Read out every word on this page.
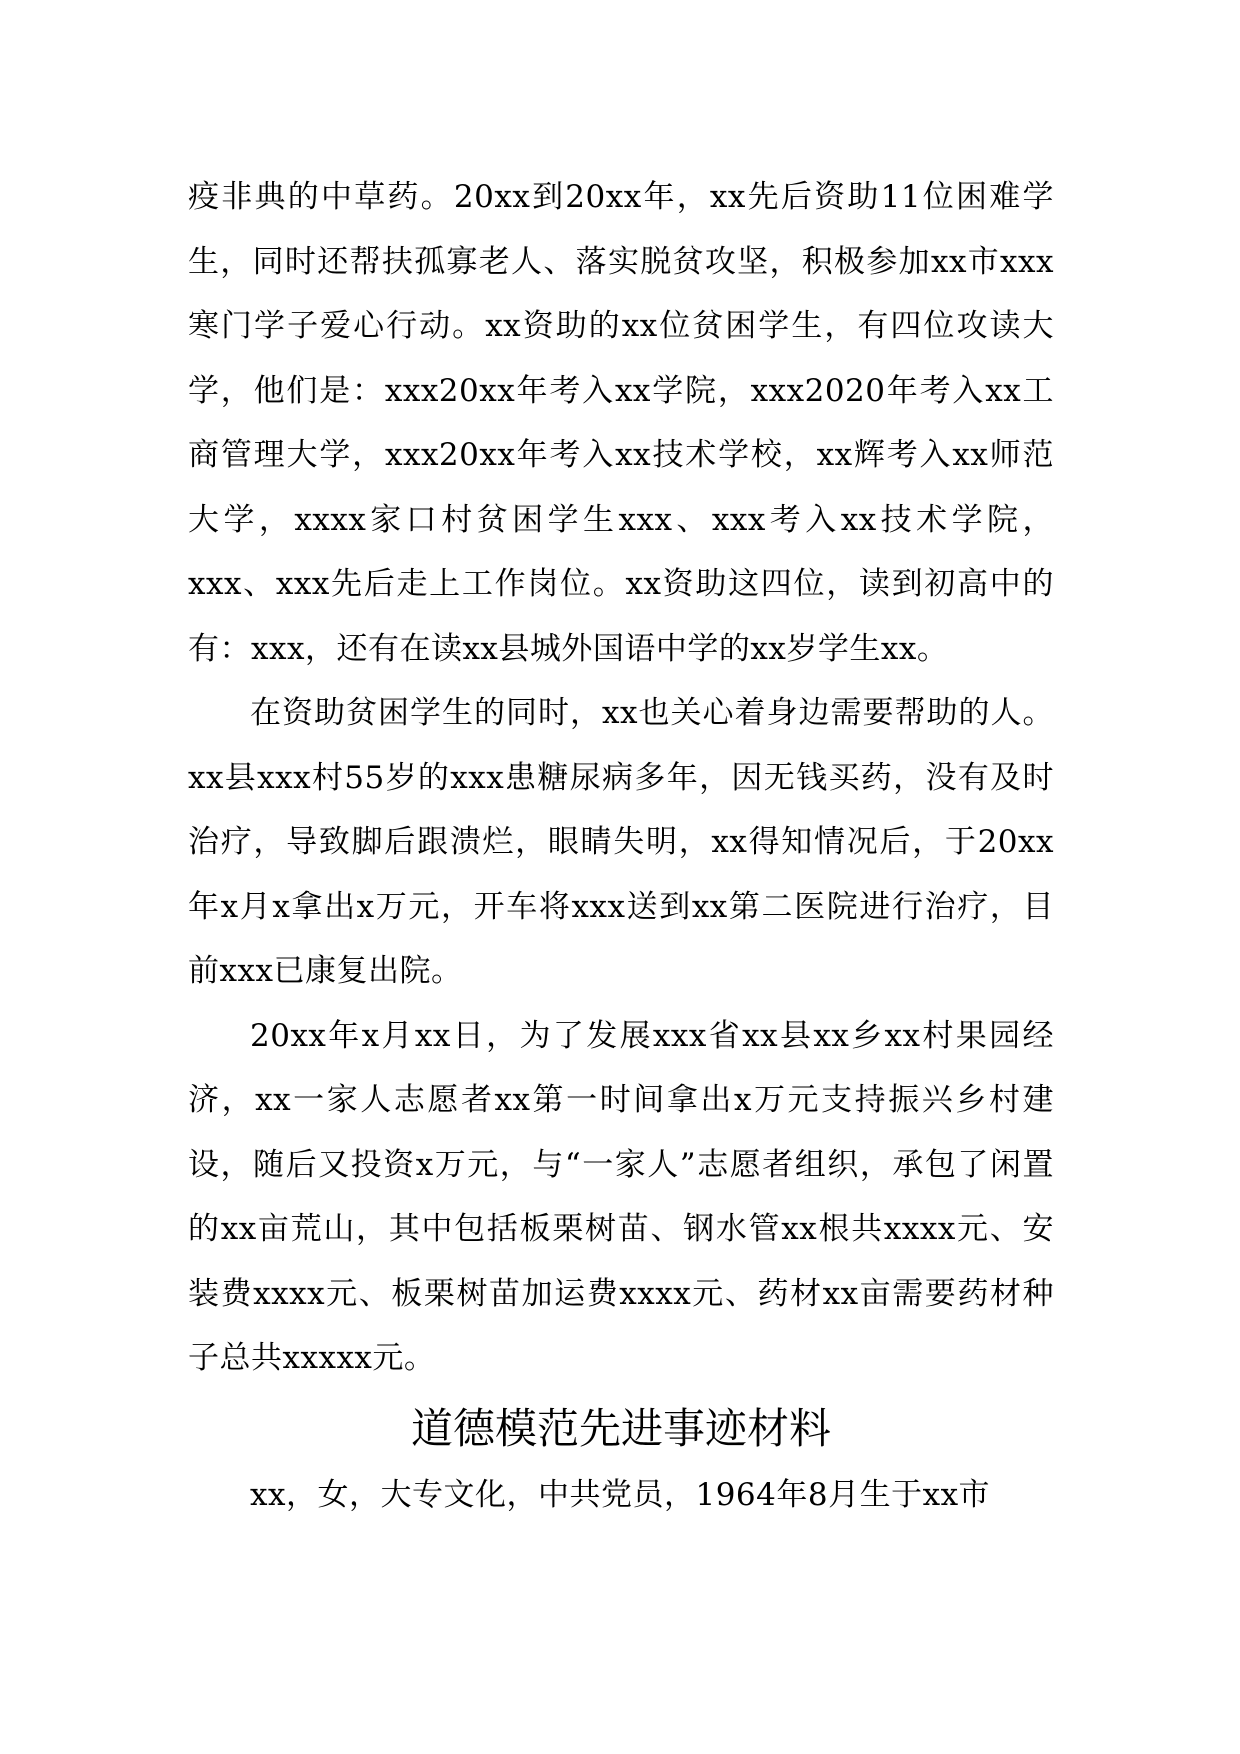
疫非典的中草药。20xx到20xx年，xx先后资助11位困难学生，同时还帮扶孤寡老人、落实脱贫攻坚，积极参加xx市xxx寒门学子爱心行动。xx资助的xx位贫困学生，有四位攻读大学，他们是：xxx20xx年考入xx学院，xxx2020年考入xx工商管理大学，xxx20xx年考入xx技术学校，xx辉考入xx师范大学，xxxx家口村贫困学生xxx、xxx考入xx技术学院，xxx、xxx先后走上工作岗位。xx资助这四位，读到初高中的有：xxx，还有在读xx县城外国语中学的xx岁学生xx。

在资助贫困学生的同时，xx也关心着身边需要帮助的人。xx县xxx村55岁的xxx患糖尿病多年，因无钱买药，没有及时治疗，导致脚后跟溃烂，眼睛失明，xx得知情况后，于20xx年x月x拿出x万元，开车将xxx送到xx第二医院进行治疗，目前xxx已康复出院。

20xx年x月xx日，为了发展xxx省xx县xx乡xx村果园经济，xx一家人志愿者xx第一时间拿出x万元支持振兴乡村建设，随后又投资x万元，与“一家人”志愿者组织，承包了闲置的xx亩荒山，其中包括板栗树苗、钢水管xx根共xxxx元、安装费xxxx元、板栗树苗加运费xxxx元、药材xx亩需要药材种子总共xxxxx元。

道德模范先进事迹材料

xx，女，大专文化，中共党员，1964年8月生于xx市
